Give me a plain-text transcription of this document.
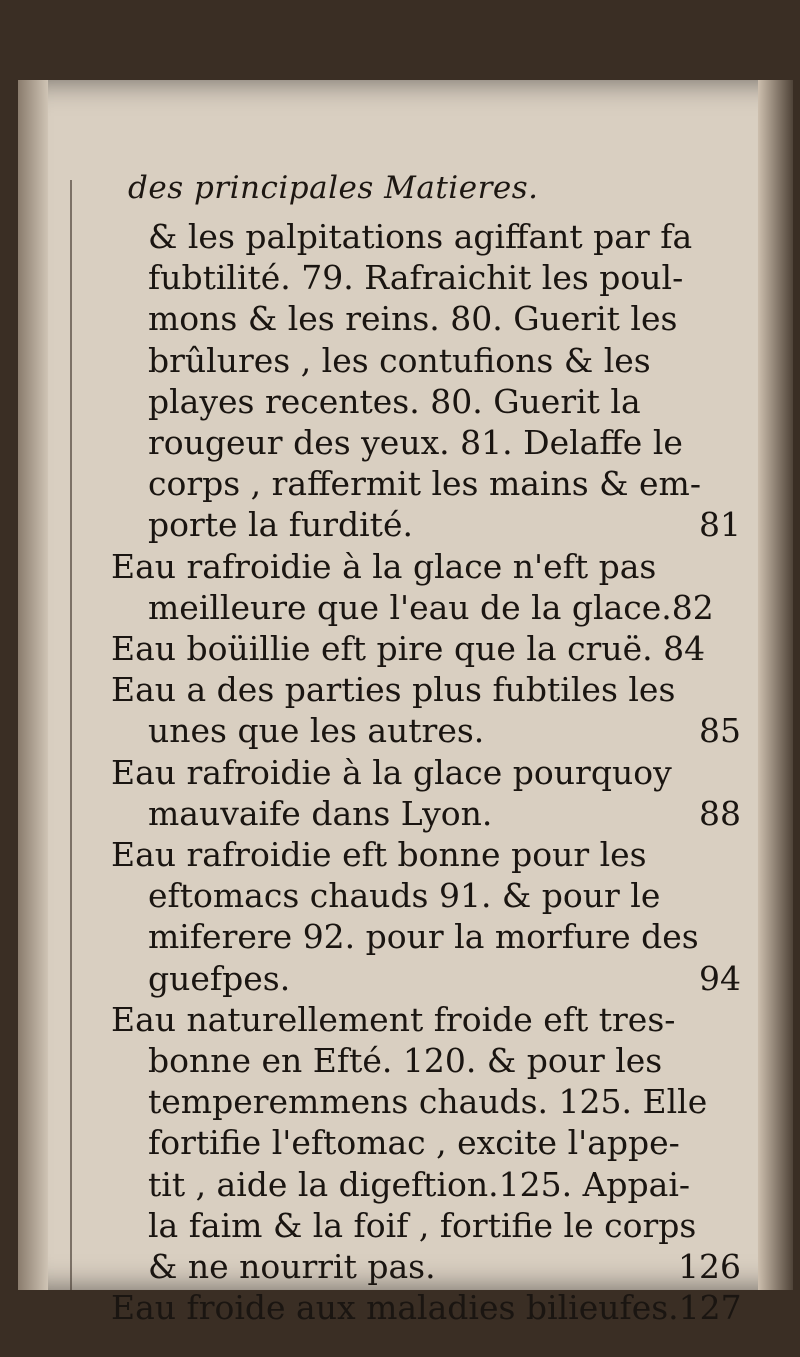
des principales Matieres.
& les palpitations agiffant par fa
fubtilité. 79. Rafraichit les poul-
mons & les reins. 80. Guerit les
brûlures , les contufions & les
playes recentes. 80. Guerit la
rougeur des yeux. 81. Delaffe le
corps , raffermit les mains & em-
porte la furdité.	81
Eau rafroidie à la glace n'eft pas
meilleure que l'eau de la glace.82
Eau boüillie eft pire que la cruë. 84
Eau a des parties plus fubtiles les
unes que les autres.	85
Eau rafroidie à la glace pourquoy
mauvaife dans Lyon.	88
Eau rafroidie eft bonne pour les
eftomacs chauds 91. & pour le
miferere 92. pour la morfure des
guefpes.	94
Eau naturellement froide eft tres-
bonne en Efté. 120. & pour les
temperemmens chauds. 125. Elle
fortifie l'eftomac , excite l'appe-
tit , aide la digeftion.125. Appai-
la faim & la foif , fortifie le corps
& ne nourrit pas.	126
Eau froide aux maladies bilieufes.127
